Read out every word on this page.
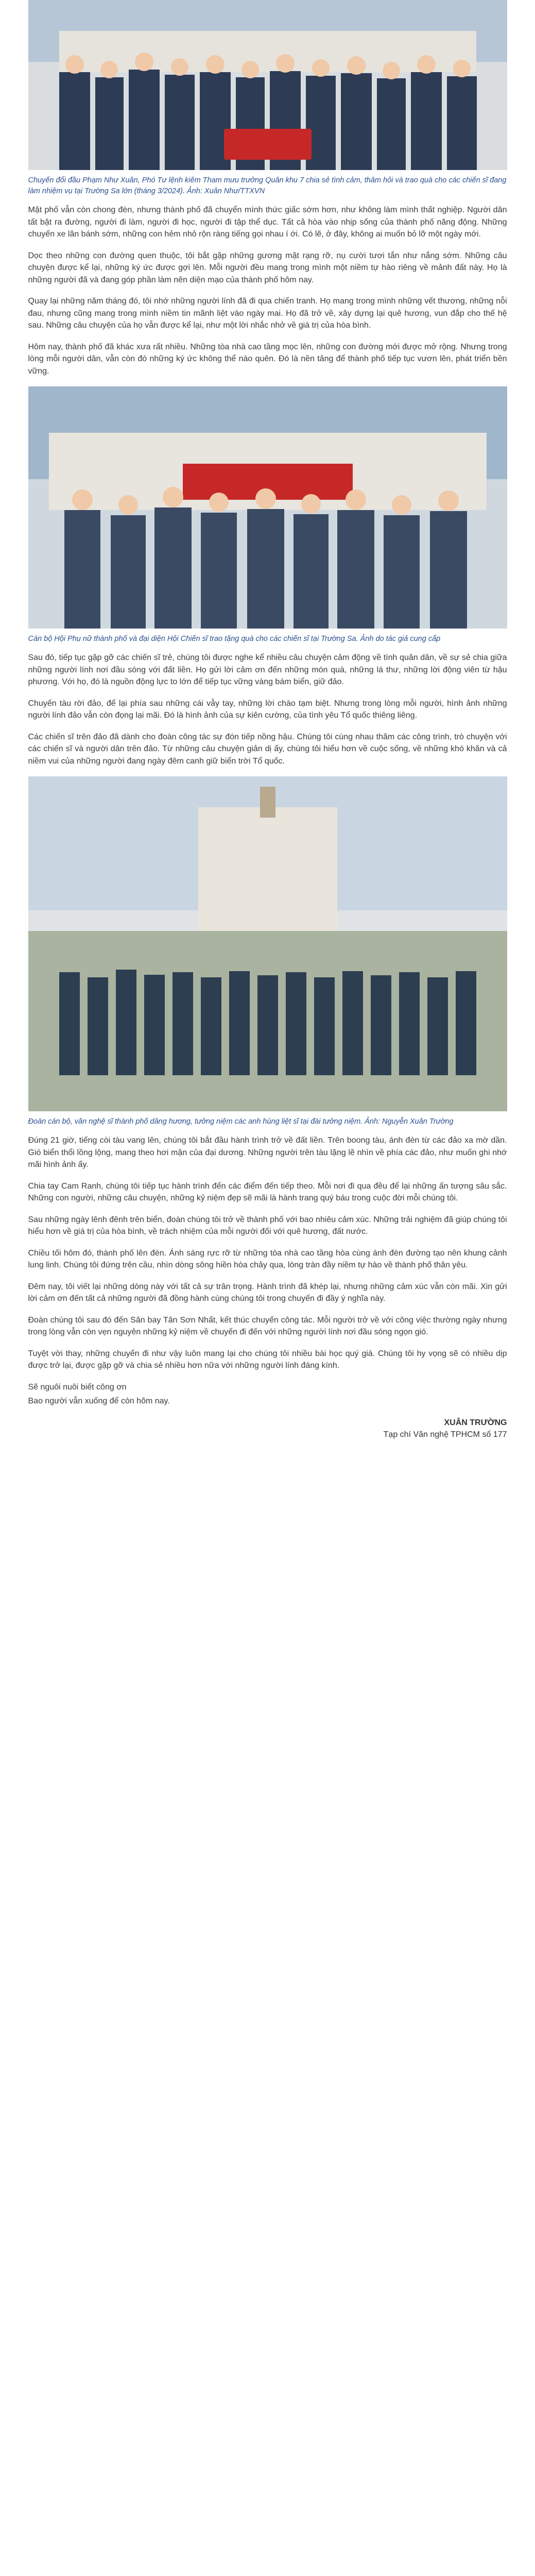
Chuyến đổi đầu Phạm Như Xuân, Phó Tư lệnh kiêm Tham mưu trưởng Quân khu 7 chia sẻ tình cảm, thăm hỏi và trao quà cho các chiến sĩ đang làm nhiệm vụ tại Trường Sa lớn (tháng 3/2024). Ảnh: Xuân Như/TTXVN

Mặt phố vẫn còn chong đèn, nhưng thành phố đã chuyển mình thức giấc sớm hơn, như không làm mình thất nghiệp. Người dân tất bật ra đường, người đi làm, người đi học, người đi tập thể dục. Tất cả hòa vào nhịp sống của thành phố năng động. Những chuyến xe lăn bánh sớm, những con hẻm nhỏ rộn ràng tiếng gọi nhau í ới. Có lẽ, ở đây, không ai muốn bỏ lỡ một ngày mới.

Dọc theo những con đường quen thuộc, tôi bắt gặp những gương mặt rạng rỡ, nụ cười tươi tắn như nắng sớm. Những câu chuyện được kể lại, những ký ức được gợi lên. Mỗi người đều mang trong mình một niềm tự hào riêng về mảnh đất này. Họ là những người đã và đang góp phần làm nên diện mạo của thành phố hôm nay.

Quay lại những năm tháng đó, tôi nhớ những người lính đã đi qua chiến tranh. Họ mang trong mình những vết thương, những nỗi đau, nhưng cũng mang trong mình niềm tin mãnh liệt vào ngày mai. Họ đã trở về, xây dựng lại quê hương, vun đắp cho thế hệ sau. Những câu chuyện của họ vẫn được kể lại, như một lời nhắc nhở về giá trị của hòa bình.

Hôm nay, thành phố đã khác xưa rất nhiều. Những tòa nhà cao tầng mọc lên, những con đường mới được mở rộng. Nhưng trong lòng mỗi người dân, vẫn còn đó những ký ức không thể nào quên. Đó là nền tảng để thành phố tiếp tục vươn lên, phát triển bền vững.

Cán bộ Hội Phụ nữ thành phố và đại diện Hội Chiến sĩ trao tặng quà cho các chiến sĩ tại Trường Sa. Ảnh do tác giả cung cấp

Sau đó, tiếp tục gặp gỡ các chiến sĩ trẻ, chúng tôi được nghe kể nhiều câu chuyện cảm động về tình quân dân, về sự sẻ chia giữa những người lính nơi đầu sóng với đất liền. Họ gửi lời cảm ơn đến những món quà, những lá thư, những lời động viên từ hậu phương. Với họ, đó là nguồn động lực to lớn để tiếp tục vững vàng bám biển, giữ đảo.

Chuyến tàu rời đảo, để lại phía sau những cái vẫy tay, những lời chào tạm biệt. Nhưng trong lòng mỗi người, hình ảnh những người lính đảo vẫn còn đọng lại mãi. Đó là hình ảnh của sự kiên cường, của tình yêu Tổ quốc thiêng liêng.

Các chiến sĩ trên đảo đã dành cho đoàn công tác sự đón tiếp nồng hậu. Chúng tôi cùng nhau thăm các công trình, trò chuyện với các chiến sĩ và người dân trên đảo. Từ những câu chuyện giản dị ấy, chúng tôi hiểu hơn về cuộc sống, về những khó khăn và cả niềm vui của những người đang ngày đêm canh giữ biển trời Tổ quốc.

Đoàn cán bộ, văn nghệ sĩ thành phố dâng hương, tưởng niệm các anh hùng liệt sĩ tại đài tưởng niệm. Ảnh: Nguyễn Xuân Trường

Đúng 21 giờ, tiếng còi tàu vang lên, chúng tôi bắt đầu hành trình trở về đất liền. Trên boong tàu, ánh đèn từ các đảo xa mờ dần. Gió biển thổi lồng lộng, mang theo hơi mặn của đại dương. Những người trên tàu lặng lẽ nhìn về phía các đảo, như muốn ghi nhớ mãi hình ảnh ấy.

Chia tay Cam Ranh, chúng tôi tiếp tục hành trình đến các điểm đến tiếp theo. Mỗi nơi đi qua đều để lại những ấn tượng sâu sắc. Những con người, những câu chuyện, những kỷ niệm đẹp sẽ mãi là hành trang quý báu trong cuộc đời mỗi chúng tôi.

Sau những ngày lênh đênh trên biển, đoàn chúng tôi trở về thành phố với bao nhiêu cảm xúc. Những trải nghiệm đã giúp chúng tôi hiểu hơn về giá trị của hòa bình, về trách nhiệm của mỗi người đối với quê hương, đất nước.

Chiều tối hôm đó, thành phố lên đèn. Ánh sáng rực rỡ từ những tòa nhà cao tầng hòa cùng ánh đèn đường tạo nên khung cảnh lung linh. Chúng tôi đứng trên cầu, nhìn dòng sông hiền hòa chảy qua, lòng tràn đầy niềm tự hào về thành phố thân yêu.

Đêm nay, tôi viết lại những dòng này với tất cả sự trân trọng. Hành trình đã khép lại, nhưng những cảm xúc vẫn còn mãi. Xin gửi lời cảm ơn đến tất cả những người đã đồng hành cùng chúng tôi trong chuyến đi đầy ý nghĩa này.

Đoàn chúng tôi sau đó đến Sân bay Tân Sơn Nhất, kết thúc chuyến công tác. Mỗi người trở về với công việc thường ngày nhưng trong lòng vẫn còn vẹn nguyên những kỷ niệm về chuyến đi đến với những người lính nơi đầu sóng ngọn gió.

Tuyệt vời thay, những chuyến đi như vậy luôn mang lại cho chúng tôi nhiều bài học quý giá. Chúng tôi hy vọng sẽ có nhiều dịp được trở lại, được gặp gỡ và chia sẻ nhiều hơn nữa với những người lính đáng kính.

Sẽ nguôi nuôi biết công ơn

Bao người vẫn xuống để còn hôm nay.

XUÂN TRƯỜNG
Tạp chí Văn nghệ TPHCM số 177
